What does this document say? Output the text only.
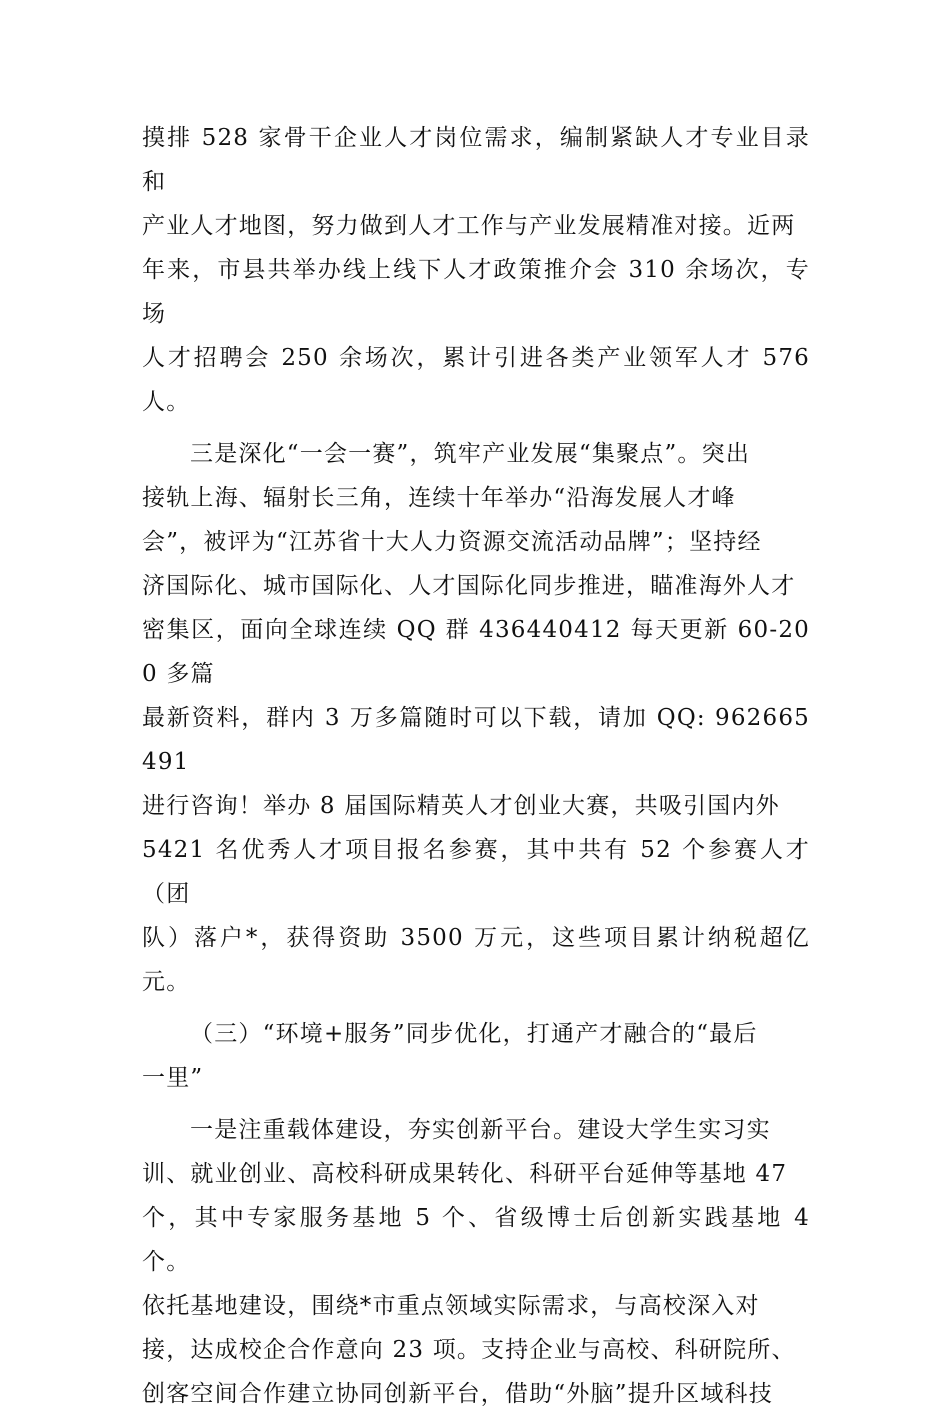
摸排 528 家骨干企业人才岗位需求，编制紧缺人才专业目录和
产业人才地图，努力做到人才工作与产业发展精准对接。近两
年来，市县共举办线上线下人才政策推介会 310 余场次，专场
人才招聘会 250 余场次，累计引进各类产业领军人才 576 人。

三是深化“一会一赛”，筑牢产业发展“集聚点”。突出
接轨上海、辐射长三角，连续十年举办“沿海发展人才峰
会”，被评为“江苏省十大人力资源交流活动品牌”；坚持经
济国际化、城市国际化、人才国际化同步推进，瞄准海外人才
密集区，面向全球连续 QQ 群 436440412 每天更新 60-200 多篇
最新资料，群内 3 万多篇随时可以下载，请加 QQ: 962665491
进行咨询！举办 8 届国际精英人才创业大赛，共吸引国内外
5421 名优秀人才项目报名参赛，其中共有 52 个参赛人才（团
队）落户*，获得资助 3500 万元，这些项目累计纳税超亿元。

（三）“环境+服务”同步优化，打通产才融合的“最后
一里”

一是注重载体建设，夯实创新平台。建设大学生实习实
训、就业创业、高校科研成果转化、科研平台延伸等基地 47
个，其中专家服务基地 5 个、省级博士后创新实践基地 4 个。
依托基地建设，围绕*市重点领域实际需求，与高校深入对
接，达成校企合作意向 23 项。支持企业与高校、科研院所、
创客空间合作建立协同创新平台，借助“外脑”提升区域科技
